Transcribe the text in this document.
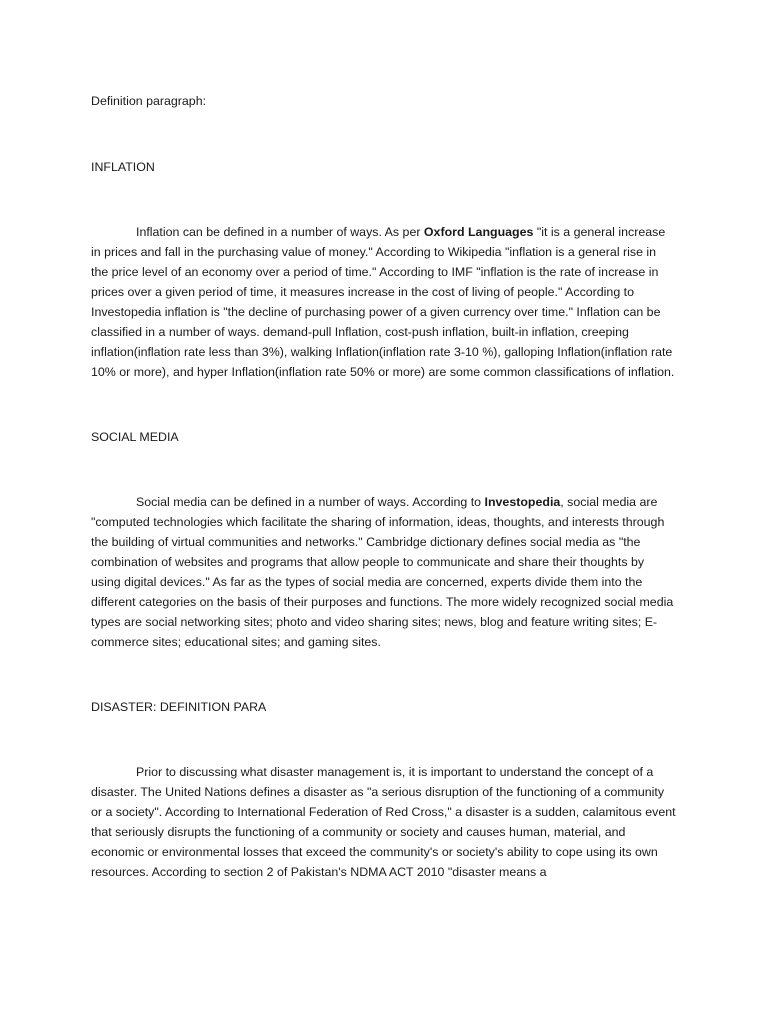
Definition paragraph:

INFLATION

Inflation can be defined in a number of ways. As per Oxford Languages "it is a general increase in prices and fall in the purchasing value of money." According to Wikipedia "inflation is a general rise in the price level of an economy over a period of time." According to IMF "inflation is the rate of increase in prices over a given period of time, it measures increase in the cost of living of people." According to Investopedia inflation is "the decline of purchasing power of a given currency over time." Inflation can be classified in a number of ways. demand-pull Inflation, cost-push inflation, built-in inflation, creeping inflation(inflation rate less than 3%), walking Inflation(inflation rate 3-10 %), galloping Inflation(inflation rate 10% or more), and hyper Inflation(inflation rate 50% or more) are some common classifications of inflation.

SOCIAL MEDIA

Social media can be defined in a number of ways. According to Investopedia, social media are "computed technologies which facilitate the sharing of information, ideas, thoughts, and interests through the building of virtual communities and networks." Cambridge dictionary defines social media as "the combination of websites and programs that allow people to communicate and share their thoughts by using digital devices." As far as the types of social media are concerned, experts divide them into the different categories on the basis of their purposes and functions. The more widely recognized social media types are social networking sites; photo and video sharing sites; news, blog and feature writing sites; E-commerce sites; educational sites; and gaming sites.

DISASTER: DEFINITION PARA

Prior to discussing what disaster management is, it is important to understand the concept of a disaster. The United Nations defines a disaster as "a serious disruption of the functioning of a community or a society". According to International Federation of Red Cross," a disaster is a sudden, calamitous event that seriously disrupts the functioning of a community or society and causes human, material, and economic or environmental losses that exceed the community's or society's ability to cope using its own resources. According to section 2 of Pakistan's NDMA ACT 2010 "disaster means a
